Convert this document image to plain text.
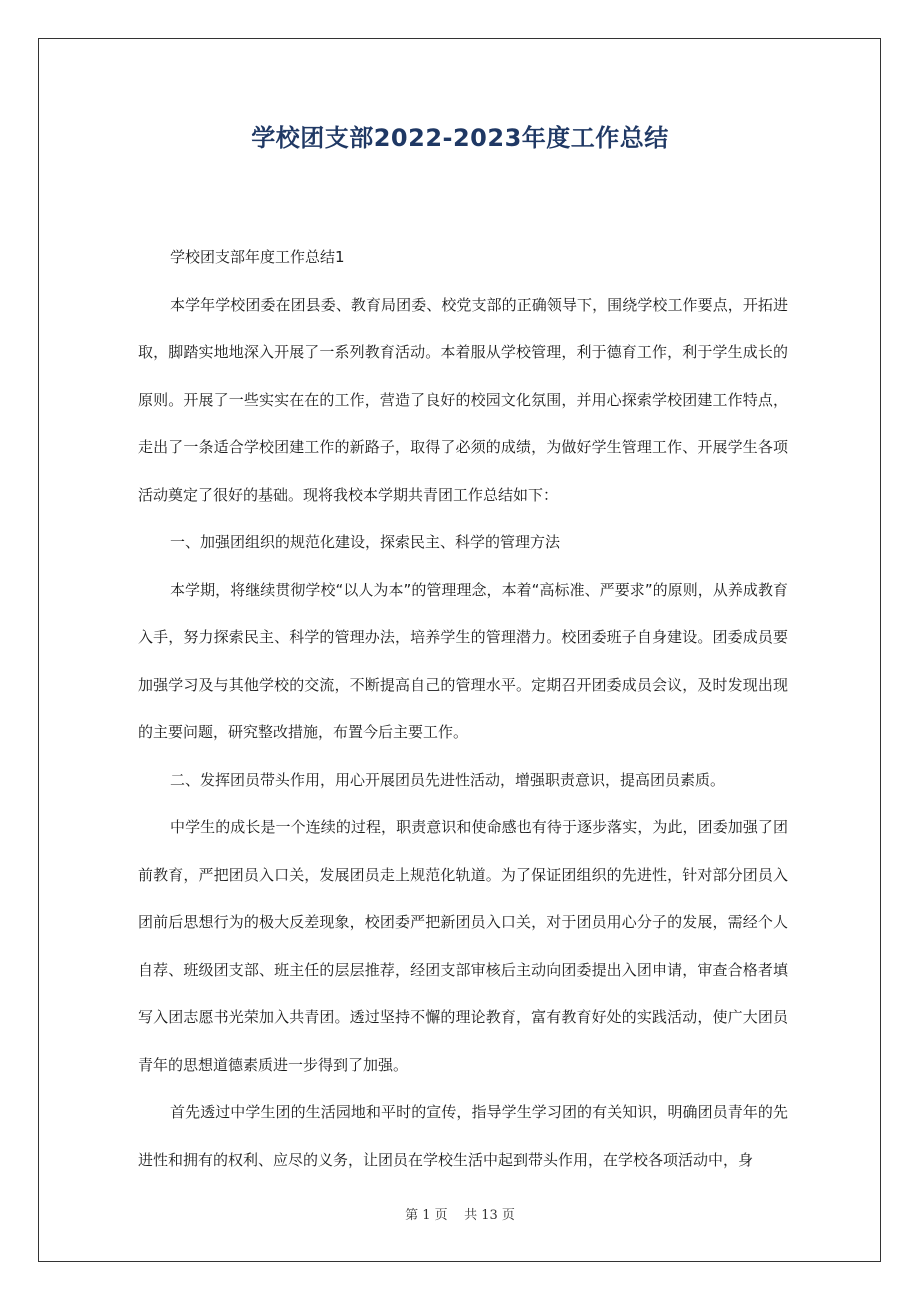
学校团支部2022-2023年度工作总结

学校团支部年度工作总结1

本学年学校团委在团县委、教育局团委、校党支部的正确领导下，围绕学校工作要点，开拓进取，脚踏实地地深入开展了一系列教育活动。本着服从学校管理，利于德育工作，利于学生成长的原则。开展了一些实实在在的工作，营造了良好的校园文化氛围，并用心探索学校团建工作特点，走出了一条适合学校团建工作的新路子，取得了必须的成绩，为做好学生管理工作、开展学生各项活动奠定了很好的基础。现将我校本学期共青团工作总结如下：

一、加强团组织的规范化建设，探索民主、科学的管理方法

本学期，将继续贯彻学校“以人为本”的管理理念，本着“高标准、严要求”的原则，从养成教育入手，努力探索民主、科学的管理办法，培养学生的管理潜力。校团委班子自身建设。团委成员要加强学习及与其他学校的交流，不断提高自己的管理水平。定期召开团委成员会议，及时发现出现的主要问题，研究整改措施，布置今后主要工作。

二、发挥团员带头作用，用心开展团员先进性活动，增强职责意识，提高团员素质。

中学生的成长是一个连续的过程，职责意识和使命感也有待于逐步落实，为此，团委加强了团前教育，严把团员入口关，发展团员走上规范化轨道。为了保证团组织的先进性，针对部分团员入团前后思想行为的极大反差现象，校团委严把新团员入口关，对于团员用心分子的发展，需经个人自荐、班级团支部、班主任的层层推荐，经团支部审核后主动向团委提出入团申请，审查合格者填写入团志愿书光荣加入共青团。透过坚持不懈的理论教育，富有教育好处的实践活动，使广大团员青年的思想道德素质进一步得到了加强。

首先透过中学生团的生活园地和平时的宣传，指导学生学习团的有关知识，明确团员青年的先进性和拥有的权利、应尽的义务，让团员在学校生活中起到带头作用，在学校各项活动中，身

第 1 页    共 13 页
